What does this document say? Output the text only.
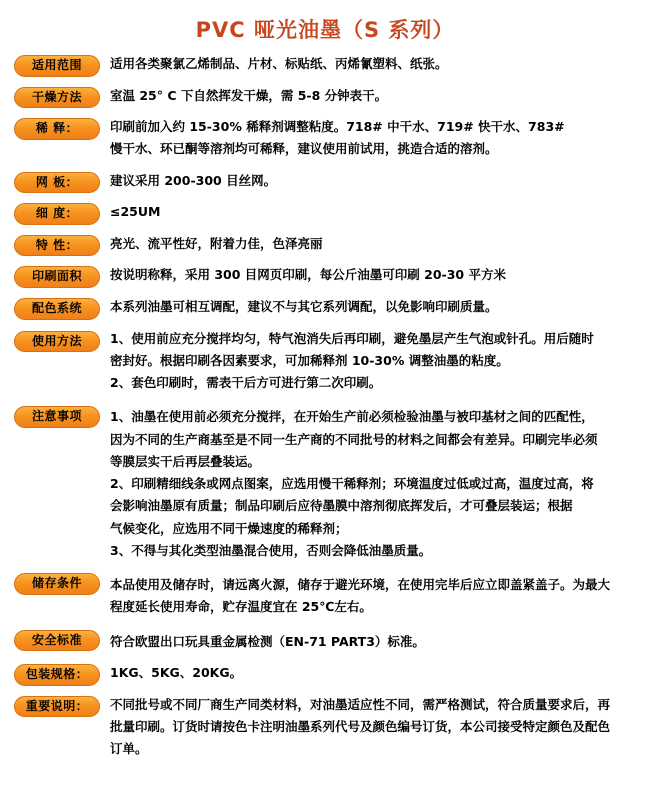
PVC 哑光油墨（S 系列）
适用范围	适用各类聚氯乙烯制品、片材、标贴纸、丙烯氰塑料、纸张。

干燥方法	室温 25° C 下自然挥发干燥，需 5-8 分钟表干。

稀 释：	印刷前加入约 15-30% 稀释剂调整粘度。718# 中干水、719# 快干水、783#

慢干水、环已酮等溶剂均可稀释，建议使用前试用，挑造合适的溶剂。

网 板：	建议采用 200-300 目丝网。

细 度：	≤25UM

特 性：	亮光、流平性好，附着力佳，色泽亮丽

印刷面积	按说明称释，采用 300 目网页印刷，每公斤油墨可印刷 20-30 平方米

配色系统	本系列油墨可相互调配，建议不与其它系列调配，以免影响印刷质量。

使用方法	1、使用前应充分搅拌均匀，特气泡消失后再印刷，避免墨层产生气泡或针孔。用后随时

密封好。根据印刷各因素要求，可加稀释剂 10-30% 调整油墨的粘度。

2、套色印刷时，需表干后方可进行第二次印刷。

注意事项	1、油墨在使用前必须充分搅拌，在开始生产前必须检验油墨与被印基材之间的匹配性，

因为不同的生产商基至是不同一生产商的不同批号的材料之间都会有差异。印刷完毕必须

等膜层实干后再层叠装运。

2、印刷精细线条或网点图案，应选用慢干稀释剂；环境温度过低或过高，温度过高，将

会影响油墨原有质量；制品印刷后应待墨膜中溶剂彻底挥发后，才可叠层装运；根据

气候变化，应选用不同干燥速度的稀释剂；

3、不得与其化类型油墨混合使用，否则会降低油墨质量。

储存条件	本品使用及储存时，请远离火源，储存于避光环境，在使用完毕后应立即盖紧盖子。为最大

程度延长使用寿命，贮存温度宜在 25℃左右。

安全标准	符合欧盟出口玩具重金属检测（EN-71 PART3）标准。

包装规格：	1KG、5KG、20KG。

重要说明：	不同批号或不同厂商生产同类材料，对油墨适应性不同，需严格测试，符合质量要求后，再

批量印刷。订货时请按色卡注明油墨系列代号及颜色编号订货，本公司接受特定颜色及配色

订单。
